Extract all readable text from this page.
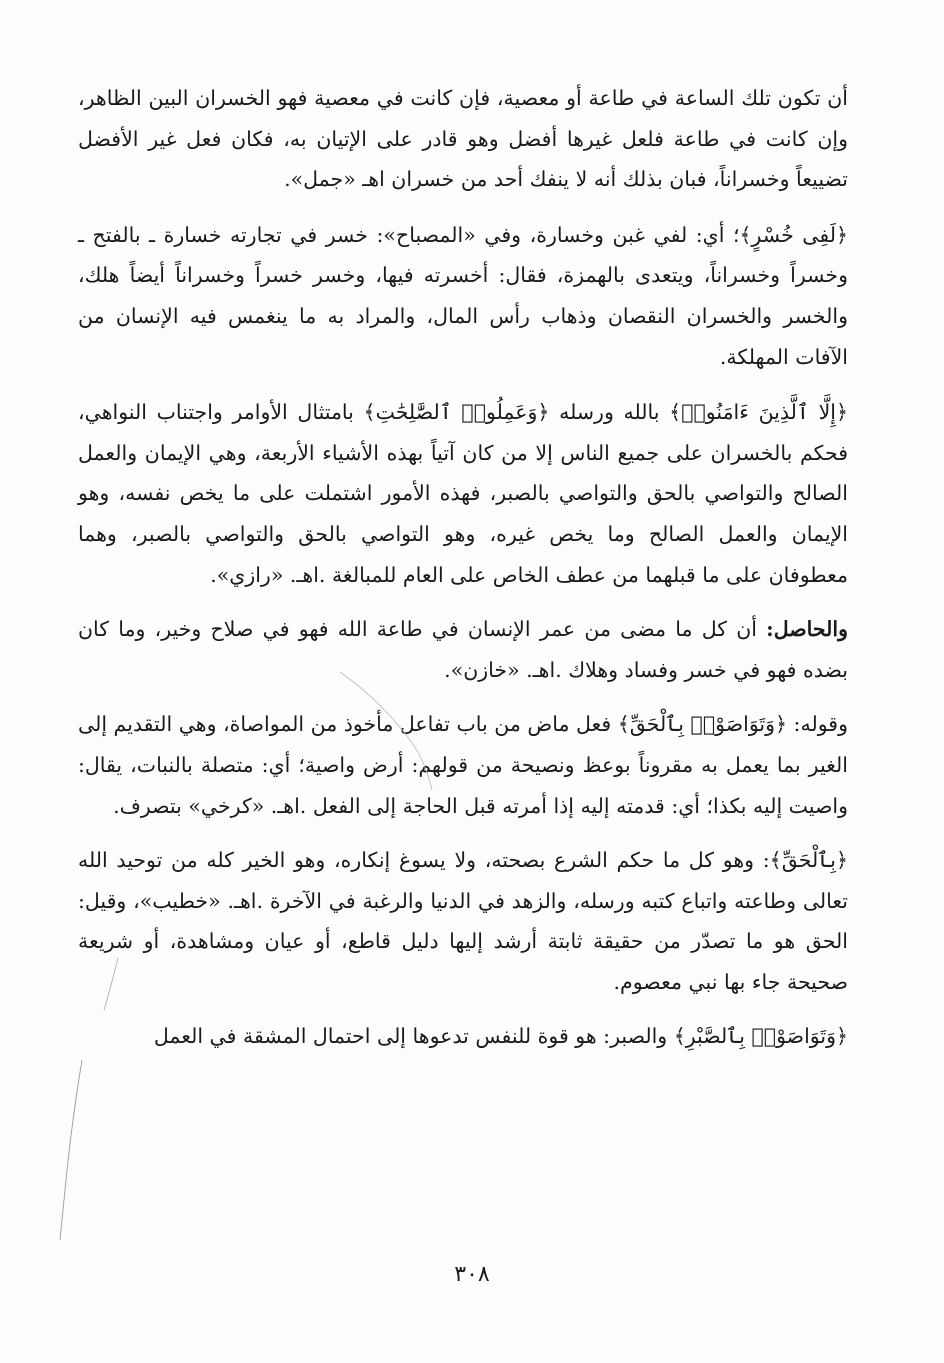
أن تكون تلك الساعة في طاعة أو معصية، فإن كانت في معصية فهو الخسران البين الظاهر، وإن كانت في طاعة فلعل غيرها أفضل وهو قادر على الإتيان به، فكان فعل غير الأفضل تضييعاً وخسراناً، فبان بذلك أنه لا ينفك أحد من خسران اهـ «جمل».

﴿لَفِى خُسْرٍ﴾؛ أي: لفي غبن وخسارة، وفي «المصباح»: خسر في تجارته خسارة ـ بالفتح ـ وخسراً وخسراناً، ويتعدى بالهمزة، فقال: أخسرته فيها، وخسر خسراً وخسراناً أيضاً هلك، والخسر والخسران النقصان وذهاب رأس المال، والمراد به ما ينغمس فيه الإنسان من الآفات المهلكة.

﴿إِلَّا ٱلَّذِينَ ءَامَنُوا۟﴾ بالله ورسله ﴿وَعَمِلُوا۟ ٱلصَّٰلِحَٰتِ﴾ بامتثال الأوامر واجتناب النواهي، فحكم بالخسران على جميع الناس إلا من كان آتياً بهذه الأشياء الأربعة، وهي الإيمان والعمل الصالح والتواصي بالحق والتواصي بالصبر، فهذه الأمور اشتملت على ما يخص نفسه، وهو الإيمان والعمل الصالح وما يخص غيره، وهو التواصي بالحق والتواصي بالصبر، وهما معطوفان على ما قبلهما من عطف الخاص على العام للمبالغة .اهـ. «رازي».

والحاصل: أن كل ما مضى من عمر الإنسان في طاعة الله فهو في صلاح وخير، وما كان بضده فهو في خسر وفساد وهلاك .اهـ. «خازن».

وقوله: ﴿وَتَوَاصَوْا۟ بِٱلْحَقِّ﴾ فعل ماض من باب تفاعل مأخوذ من المواصاة، وهي التقديم إلى الغير بما يعمل به مقروناً بوعظ ونصيحة من قولهم: أرض واصية؛ أي: متصلة بالنبات، يقال: واصيت إليه بكذا؛ أي: قدمته إليه إذا أمرته قبل الحاجة إلى الفعل .اهـ. «كرخي» بتصرف.

﴿بِٱلْحَقِّ﴾: وهو كل ما حكم الشرع بصحته، ولا يسوغ إنكاره، وهو الخير كله من توحيد الله تعالى وطاعته واتباع كتبه ورسله، والزهد في الدنيا والرغبة في الآخرة .اهـ. «خطيب»، وقيل: الحق هو ما تصدّر من حقيقة ثابتة أرشد إليها دليل قاطع، أو عيان ومشاهدة، أو شريعة صحيحة جاء بها نبي معصوم.

﴿وَتَوَاصَوْا۟ بِٱلصَّبْرِ﴾ والصبر: هو قوة للنفس تدعوها إلى احتمال المشقة في العمل

٣٠٨
